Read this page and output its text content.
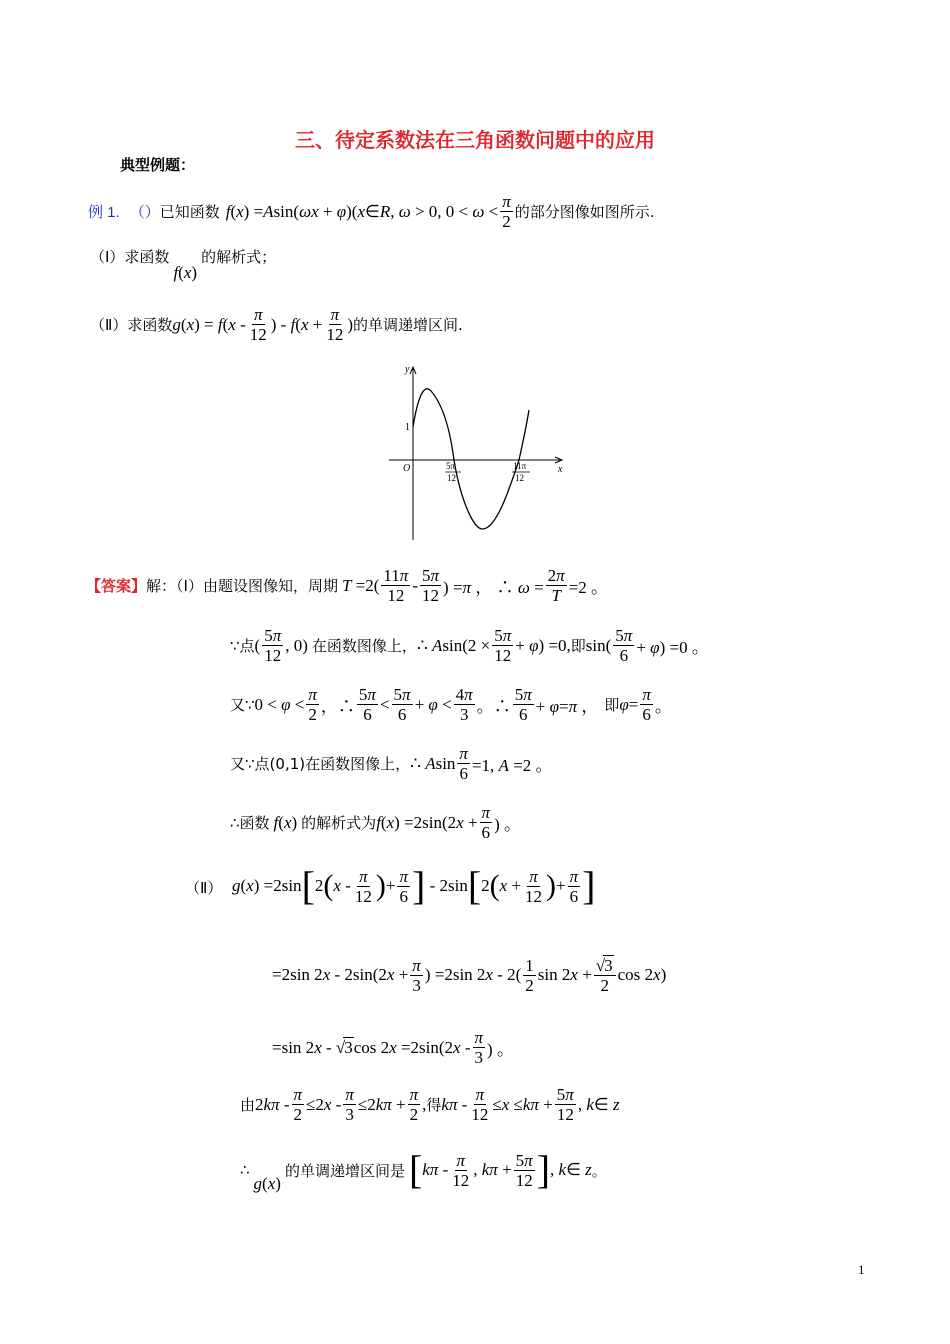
三、待定系数法在三角函数问题中的应用
典型例题：
例 1. （） 已知函数 f(x) =Asin(ωx + φ)(x∈R, ω > 0, $0 < \omega < \frac{\pi}{2}$ 的部分图像如图所示.
（Ⅰ）求函数
f(x)
的解析式；
（Ⅱ）求函数 $g(x) = f(x - \frac{\pi}{12}$ ) - $f(x + \frac{\pi}{12}$ ) 的单调递增区间.
y
x
O
1
5π
12
11π
12
【答案】 解：（Ⅰ）由题设图像知，周期 $T =2( \frac{11\pi}{12} - \frac{5\pi}{12}$ ) =π ， ∴ $\omega = \frac{2\pi}{T} =2$ 。
∵点 ( $\frac{5\pi}{12}$ , 0) 在函数图像上， ∴ $Asin(2 \times \frac{5\pi}{12} + \varphi) =0$, 即 $\sin( \frac{5\pi}{6} + \varphi) =0$ 。
又∵ $0 < \varphi < \frac{\pi}{2}$ ，∴ $\frac{5\pi}{6} < \frac{5\pi}{6} + \varphi < \frac{4\pi}{3}$ 。∴ $\frac{5\pi}{6} + \varphi=\pi$ ， 即 $\varphi= \frac{\pi}{6}$ 。
又∵点(0,1)在函数图像上， ∴ Asin $\frac{\pi}{6} =1$, A =2 。
∴函数 f(x) 的解析式为 $f(x) =2\sin(2x + \frac{\pi}{6}$ ) 。
（Ⅱ） g(x) =2sin [ 2 ( x - $\frac{\pi}{12}$ ) + $\frac{\pi}{6}$ ] - 2sin [ 2 ( $x + \frac{\pi}{12}$ ) + $\frac{\pi}{6}$ ]
=2sin $2x - 2\sin(2x + \frac{\pi}{3}$ ) =2sin $2x - 2( \frac{1}{2}$ $\sin 2x + \frac{√3}{2}$ cos 2x)
=sin 2x - √3cos $2x =2\sin(2x - \frac{\pi}{3}$ ) 。
由 $2k\pi - \frac{\pi}{2} \le 2x - \frac{\pi}{3} \le 2k\pi + \frac{\pi}{2}$ , 得 $k\pi - \frac{\pi}{12} \le x \le k\pi + \frac{5\pi}{12}$ , k∈ z
∴
g(x)
的单调递增区间是 [ kπ - $\frac{\pi}{12}$ , $k\pi + \frac{5\pi}{12}$ ] , k∈ z 。
1
